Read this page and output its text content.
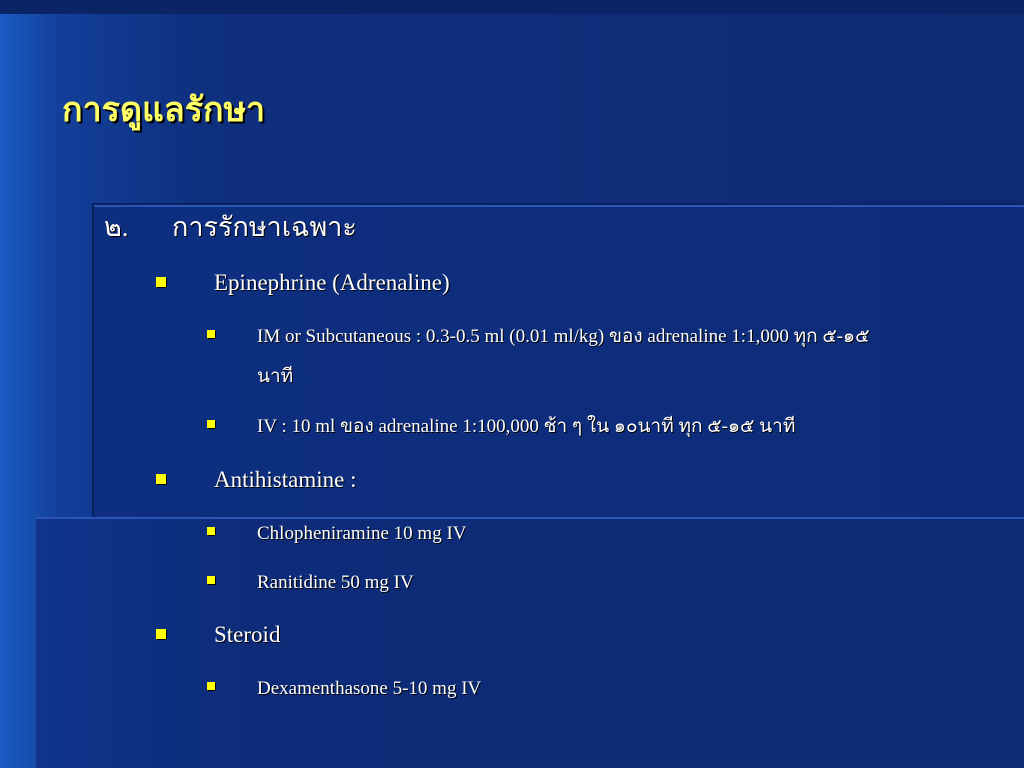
การดูแลรักษา
๒. การรักษาเฉพาะ
Epinephrine (Adrenaline)
IM or Subcutaneous : 0.3-0.5 ml (0.01 ml/kg) ของ adrenaline 1:1,000 ทุก ๕-๑๕
นาที
IV : 10 ml ของ adrenaline 1:100,000 ช้า ๆ ใน ๑๐นาที ทุก ๕-๑๕ นาที
Antihistamine :
Chlopheniramine 10 mg IV
Ranitidine 50 mg IV
Steroid
Dexamenthasone 5-10 mg IV
